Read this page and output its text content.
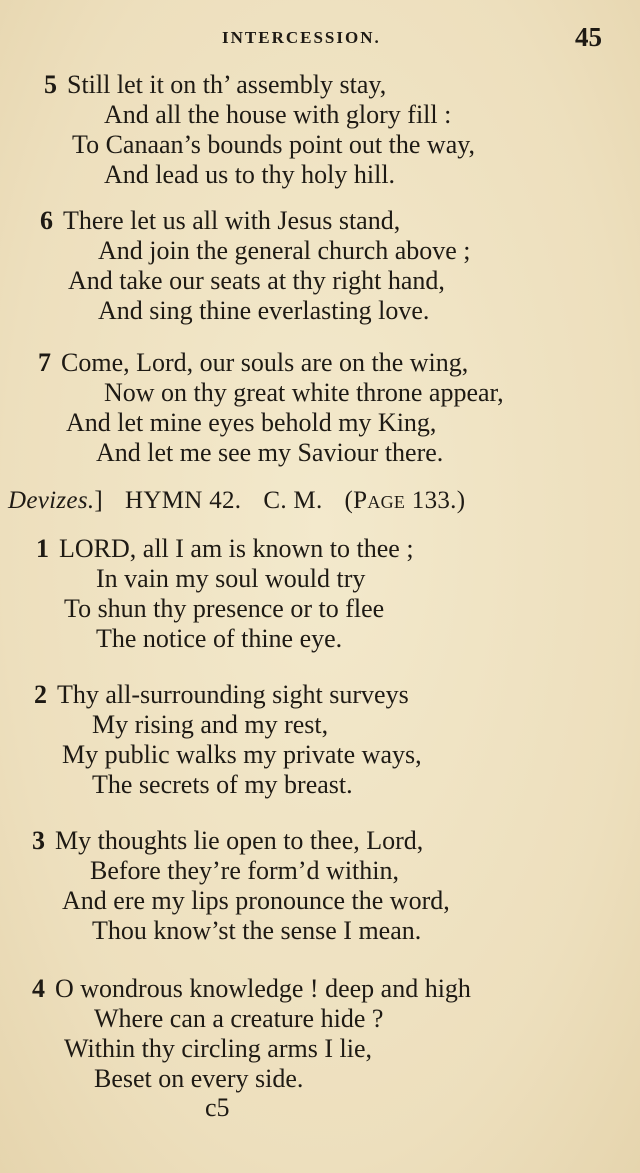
INTERCESSION.	45
5 Still let it on th’ assembly stay,
And all the house with glory fill :
To Canaan’s bounds point out the way,
And lead us to thy holy hill.
6 There let us all with Jesus stand,
And join the general church above ;
And take our seats at thy right hand,
And sing thine everlasting love.
7 Come, Lord, our souls are on the wing,
Now on thy great white throne appear,
And let mine eyes behold my King,
And let me see my Saviour there.
Devizes.] HYMN 42. C. M. (Page 133.)
1 LORD, all I am is known to thee ;
In vain my soul would try
To shun thy presence or to flee
The notice of thine eye.
2 Thy all-surrounding sight surveys
My rising and my rest,
My public walks my private ways,
The secrets of my breast.
3 My thoughts lie open to thee, Lord,
Before they’re form’d within,
And ere my lips pronounce the word,
Thou know’st the sense I mean.
4 O wondrous knowledge ! deep and high
Where can a creature hide ?
Within thy circling arms I lie,
Beset on every side.
c5
